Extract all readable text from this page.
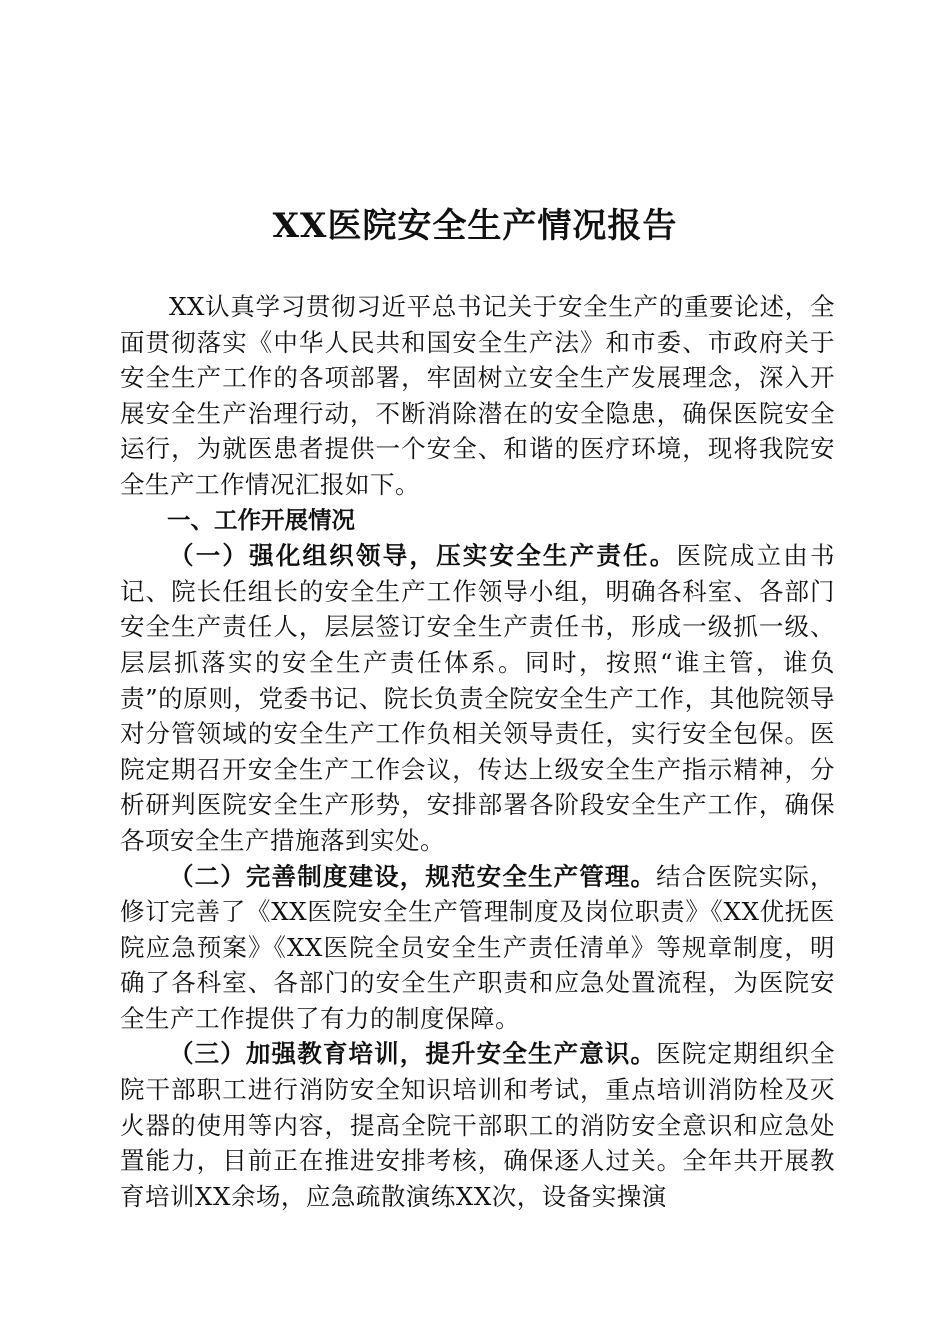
XX医院安全生产情况报告

XX认真学习贯彻习近平总书记关于安全生产的重要论述，全面贯彻落实《中华人民共和国安全生产法》和市委、市政府关于安全生产工作的各项部署，牢固树立安全生产发展理念，深入开展安全生产治理行动，不断消除潜在的安全隐患，确保医院安全运行，为就医患者提供一个安全、和谐的医疗环境，现将我院安全生产工作情况汇报如下。

一、工作开展情况

（一）强化组织领导，压实安全生产责任。医院成立由书记、院长任组长的安全生产工作领导小组，明确各科室、各部门安全生产责任人，层层签订安全生产责任书，形成一级抓一级、层层抓落实的安全生产责任体系。同时，按照“谁主管，谁负责”的原则，党委书记、院长负责全院安全生产工作，其他院领导对分管领域的安全生产工作负相关领导责任，实行安全包保。医院定期召开安全生产工作会议，传达上级安全生产指示精神，分析研判医院安全生产形势，安排部署各阶段安全生产工作，确保各项安全生产措施落到实处。

（二）完善制度建设，规范安全生产管理。结合医院实际，修订完善了《XX医院安全生产管理制度及岗位职责》《XX优抚医院应急预案》《XX医院全员安全生产责任清单》等规章制度，明确了各科室、各部门的安全生产职责和应急处置流程，为医院安全生产工作提供了有力的制度保障。

（三）加强教育培训，提升安全生产意识。医院定期组织全院干部职工进行消防安全知识培训和考试，重点培训消防栓及灭火器的使用等内容，提高全院干部职工的消防安全意识和应急处置能力，目前正在推进安排考核，确保逐人过关。全年共开展教育培训XX余场，应急疏散演练XX次，设备实操演
